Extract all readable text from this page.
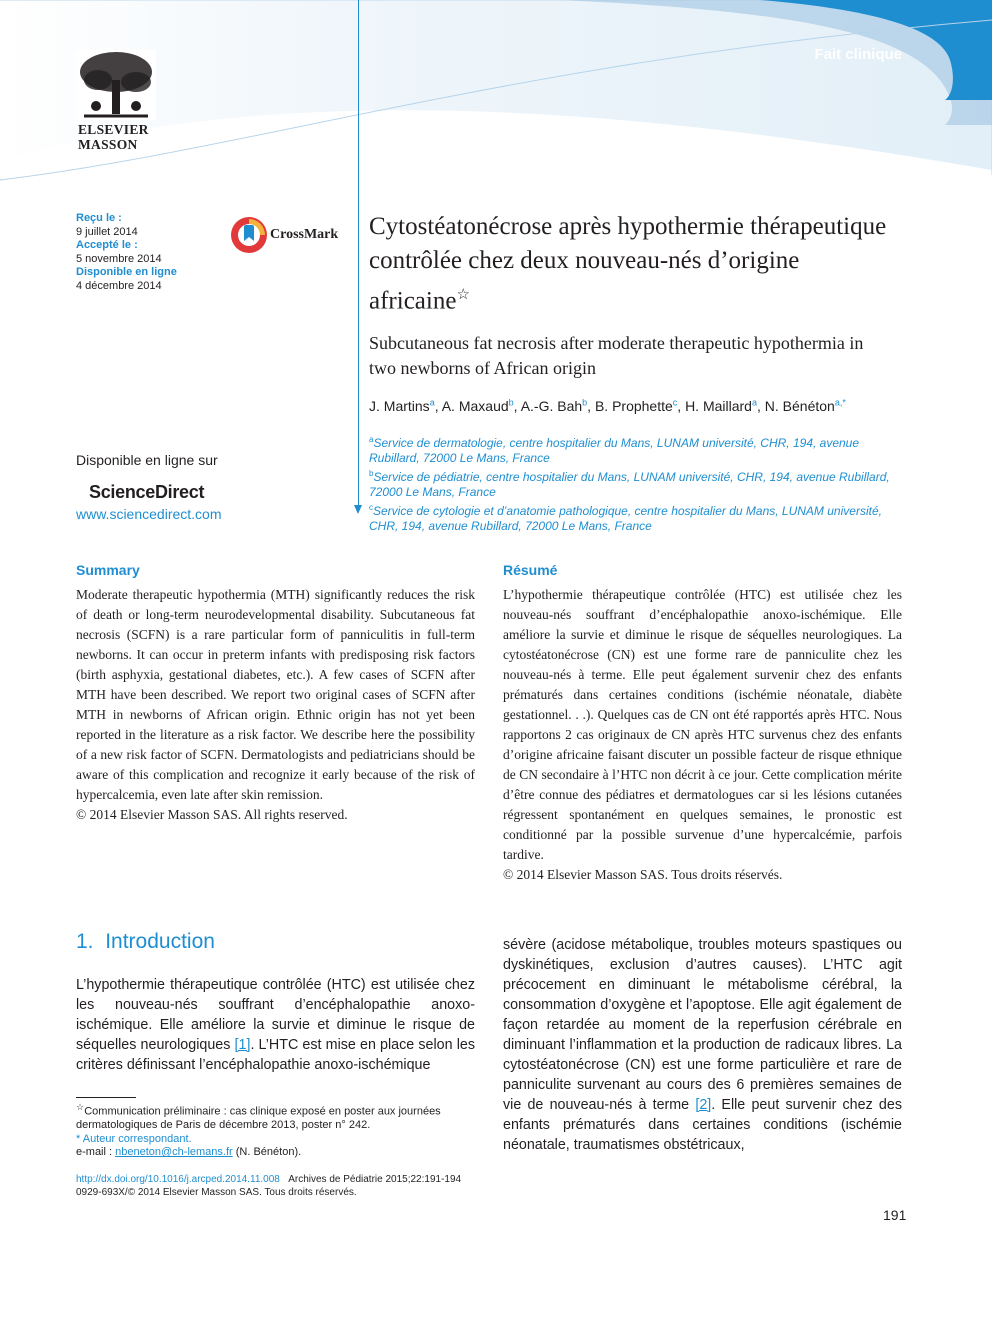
Fait clinique
ELSEVIER
MASSON
Reçu le :
9 juillet 2014
Accepté le :
5 novembre 2014
Disponible en ligne
4 décembre 2014
CrossMark
Disponible en ligne sur
ScienceDirect
www.sciencedirect.com
Cytostéatonécrose après hypothermie thérapeutique contrôlée chez deux nouveau-nés d’origine africaine☆
Subcutaneous fat necrosis after moderate therapeutic hypothermia in two newborns of African origin
J. Martins$^a$, A. Maxaud$^b$, A.-G. Bah$^b$, B. Prophette$^c$, H. Maillard$^a$, N. Bénéton$^{a,*}$
$^a$Service de dermatologie, centre hospitalier du Mans, LUNAM université, CHR, 194, avenue Rubillard, 72000 Le Mans, France
$^b$Service de pédiatrie, centre hospitalier du Mans, LUNAM université, CHR, 194, avenue Rubillard, 72000 Le Mans, France
$^c$Service de cytologie et d’anatomie pathologique, centre hospitalier du Mans, LUNAM université, CHR, 194, avenue Rubillard, 72000 Le Mans, France
Summary
Moderate therapeutic hypothermia (MTH) significantly reduces the risk of death or long-term neurodevelopmental disability. Subcutaneous fat necrosis (SCFN) is a rare particular form of panniculitis in full-term newborns. It can occur in preterm infants with predisposing risk factors (birth asphyxia, gestational diabetes, etc.). A few cases of SCFN after MTH have been described. We report two original cases of SCFN after MTH in newborns of African origin. Ethnic origin has not yet been reported in the literature as a risk factor. We describe here the possibility of a new risk factor of SCFN. Dermatologists and pediatricians should be aware of this complication and recognize it early because of the risk of hypercalcemia, even late after skin remission.
© 2014 Elsevier Masson SAS. All rights reserved.
Résumé
L’hypothermie thérapeutique contrôlée (HTC) est utilisée chez les nouveau-nés souffrant d’encéphalopathie anoxo-ischémique. Elle améliore la survie et diminue le risque de séquelles neurologiques. La cytostéatonécrose (CN) est une forme rare de panniculite chez les nouveau-nés à terme. Elle peut également survenir chez des enfants prématurés dans certaines conditions (ischémie néonatale, diabète gestationnel. . .). Quelques cas de CN ont été rapportés après HTC. Nous rapportons 2 cas originaux de CN après HTC survenus chez des enfants d’origine africaine faisant discuter un possible facteur de risque ethnique de CN secondaire à l’HTC non décrit à ce jour. Cette complication mérite d’être connue des pédiatres et dermatologues car si les lésions cutanées régressent spontanément en quelques semaines, le pronostic est conditionné par la possible survenue d’une hypercalcémie, parfois tardive.
© 2014 Elsevier Masson SAS. Tous droits réservés.
1. Introduction
L’hypothermie thérapeutique contrôlée (HTC) est utilisée chez les nouveau-nés souffrant d’encéphalopathie anoxo-ischémique. Elle améliore la survie et diminue le risque de séquelles neurologiques [1]. L’HTC est mise en place selon les critères définissant l’encéphalopathie anoxo-ischémique
sévère (acidose métabolique, troubles moteurs spastiques ou dyskinétiques, exclusion d’autres causes). L’HTC agit précocement en diminuant le métabolisme cérébral, la consommation d’oxygène et l’apoptose. Elle agit également de façon retardée au moment de la reperfusion cérébrale en diminuant l’inflammation et la production de radicaux libres. La cytostéatonécrose (CN) est une forme particulière et rare de panniculite survenant au cours des 6 premières semaines de vie de nouveau-nés à terme [2]. Elle peut survenir chez des enfants prématurés dans certaines conditions (ischémie néonatale, traumatismes obstétricaux,
☆Communication préliminaire : cas clinique exposé en poster aux journées dermatologiques de Paris de décembre 2013, poster n° 242.
* Auteur correspondant.
e-mail : nbeneton@ch-lemans.fr (N. Bénéton).
http://dx.doi.org/10.1016/j.arcped.2014.11.008 Archives de Pédiatrie 2015;22:191-194
0929-693X/© 2014 Elsevier Masson SAS. Tous droits réservés.
191
